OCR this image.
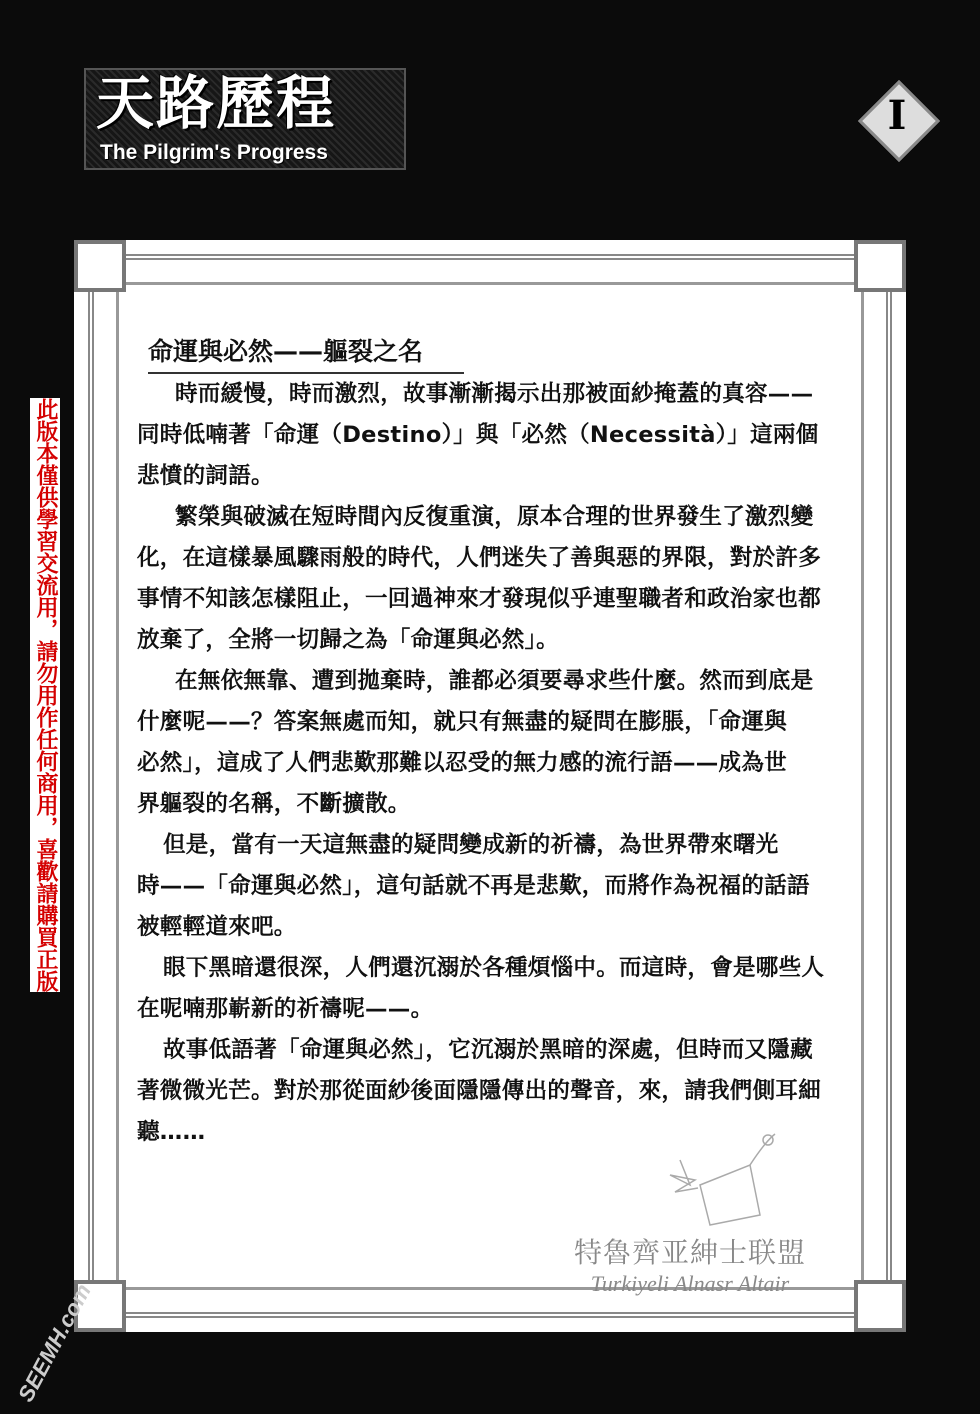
天路歷程
The Pilgrim's Progress
I
命運與必然——軀裂之名
時而緩慢，時而激烈，故事漸漸揭示出那被面紗掩蓋的真容——
同時低喃著「命運（Destino）」與「必然（Necessità）」這兩個
悲憤的詞語。
繁榮與破滅在短時間內反復重演，原本合理的世界發生了激烈變
化，在這樣暴風驟雨般的時代，人們迷失了善與惡的界限，對於許多
事情不知該怎樣阻止，一回過神來才發現似乎連聖職者和政治家也都
放棄了，全將一切歸之為「命運與必然」。
在無依無靠、遭到拋棄時，誰都必須要尋求些什麼。然而到底是
什麼呢——？答案無處而知，就只有無盡的疑問在膨脹，「命運與
必然」，這成了人們悲歎那難以忍受的無力感的流行語——成為世
界軀裂的名稱，不斷擴散。
但是，當有一天這無盡的疑問變成新的祈禱，為世界帶來曙光
時——「命運與必然」，這句話就不再是悲歎，而將作為祝福的話語
被輕輕道來吧。
眼下黑暗還很深，人們還沉溺於各種煩惱中。而這時，會是哪些人
在呢喃那嶄新的祈禱呢——。
故事低語著「命運與必然」，它沉溺於黑暗的深處，但時而又隱藏
著微微光芒。對於那從面紗後面隱隱傳出的聲音，來，請我們側耳細
聽……
此版本僅供學習交流用，請勿用作任何商用，喜歡請購買正版
特魯齊亚紳士联盟
Turkiyeli Alnasr Altair
SEEMH.com
